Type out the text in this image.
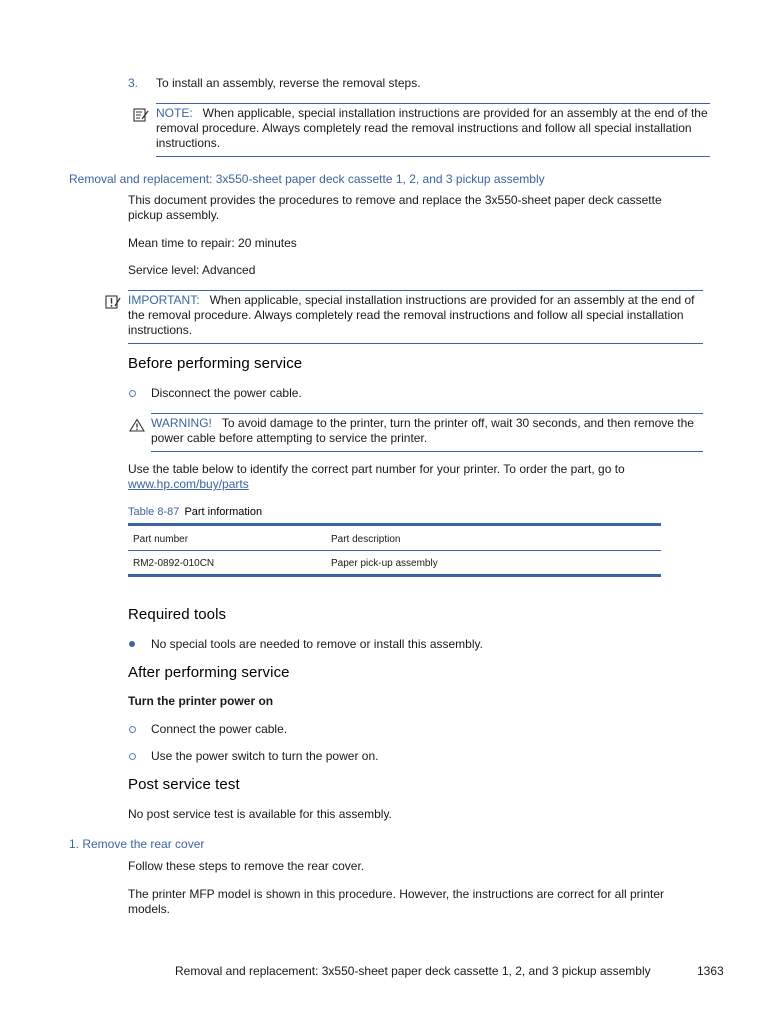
3. To install an assembly, reverse the removal steps.
NOTE: When applicable, special installation instructions are provided for an assembly at the end of the removal procedure. Always completely read the removal instructions and follow all special installation instructions.
Removal and replacement: 3x550-sheet paper deck cassette 1, 2, and 3 pickup assembly
This document provides the procedures to remove and replace the 3x550-sheet paper deck cassette pickup assembly.
Mean time to repair: 20 minutes
Service level: Advanced
IMPORTANT: When applicable, special installation instructions are provided for an assembly at the end of the removal procedure. Always completely read the removal instructions and follow all special installation instructions.
Before performing service
Disconnect the power cable.
WARNING! To avoid damage to the printer, turn the printer off, wait 30 seconds, and then remove the power cable before attempting to service the printer.
Use the table below to identify the correct part number for your printer. To order the part, go to
www.hp.com/buy/parts
Table 8-87 Part information
Part number	Part description
RM2-0892-010CN	Paper pick-up assembly
Required tools
No special tools are needed to remove or install this assembly.
After performing service
Turn the printer power on
Connect the power cable.
Use the power switch to turn the power on.
Post service test
No post service test is available for this assembly.
1. Remove the rear cover
Follow these steps to remove the rear cover.
The printer MFP model is shown in this procedure. However, the instructions are correct for all printer models.
Removal and replacement: 3x550-sheet paper deck cassette 1, 2, and 3 pickup assembly	1363
